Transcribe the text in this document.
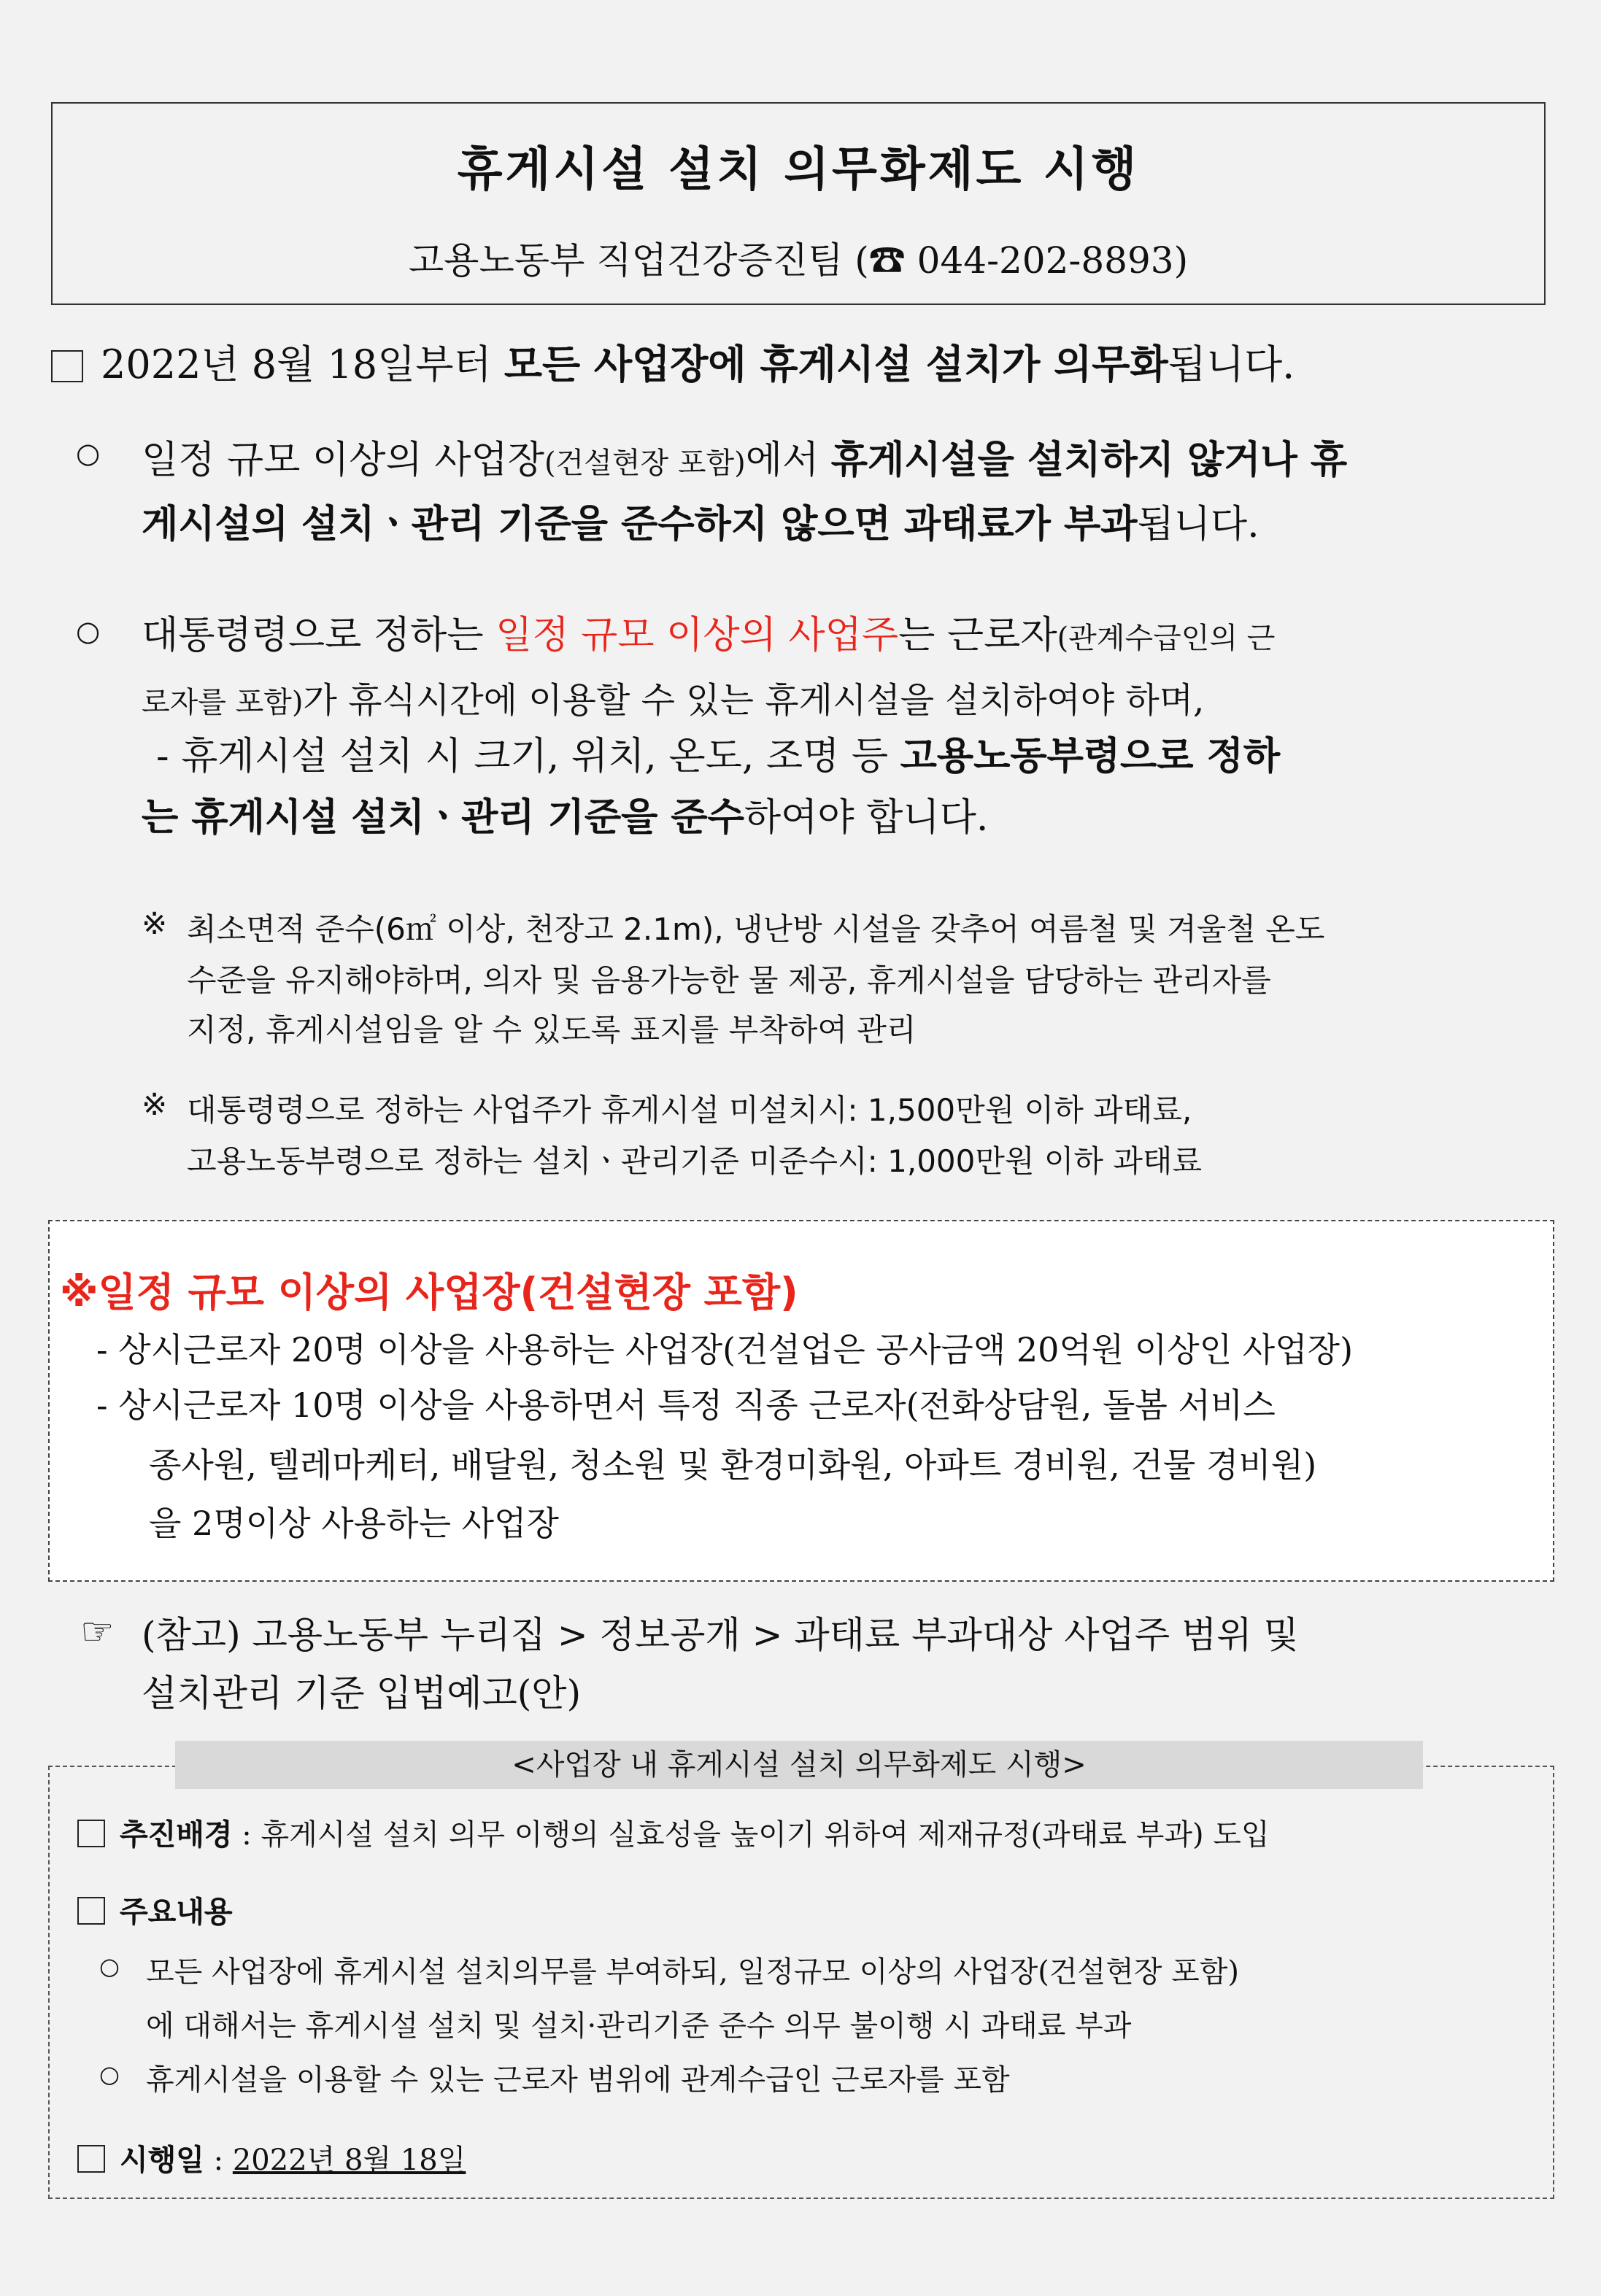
휴게시설 설치 의무화제도 시행
고용노동부 직업건강증진팀 (☎ 044-202-8893)
2022년 8월 18일부터 모든 사업장에 휴게시설 설치가 의무화됩니다.
○ 일정 규모 이상의 사업장(건설현장 포함)에서 휴게시설을 설치하지 않거나 휴
게시설의 설치ㆍ관리 기준을 준수하지 않으면 과태료가 부과됩니다.
○ 대통령령으로 정하는 일정 규모 이상의 사업주는 근로자(관계수급인의 근
로자를 포함)가 휴식시간에 이용할 수 있는 휴게시설을 설치하여야 하며,
- 휴게시설 설치 시 크기, 위치, 온도, 조명 등 고용노동부령으로 정하
는 휴게시설 설치ㆍ관리 기준을 준수하여야 합니다.
※ 최소면적 준수(6㎡ 이상, 천장고 2.1m), 냉난방 시설을 갖추어 여름철 및 겨울철 온도
수준을 유지해야하며, 의자 및 음용가능한 물 제공, 휴게시설을 담당하는 관리자를
지정, 휴게시설임을 알 수 있도록 표지를 부착하여 관리
※ 대통령령으로 정하는 사업주가 휴게시설 미설치시: 1,500만원 이하 과태료,
고용노동부령으로 정하는 설치ㆍ관리기준 미준수시: 1,000만원 이하 과태료
※일정 규모 이상의 사업장(건설현장 포함)
- 상시근로자 20명 이상을 사용하는 사업장(건설업은 공사금액 20억원 이상인 사업장)
- 상시근로자 10명 이상을 사용하면서 특정 직종 근로자(전화상담원, 돌봄 서비스
종사원, 텔레마케터, 배달원, 청소원 및 환경미화원, 아파트 경비원, 건물 경비원)
을 2명이상 사용하는 사업장
☞ (참고) 고용노동부 누리집 > 정보공개 > 과태료 부과대상 사업주 범위 및
설치관리 기준 입법예고(안)
<사업장 내 휴게시설 설치 의무화제도 시행>
추진배경 : 휴게시설 설치 의무 이행의 실효성을 높이기 위하여 제재규정(과태료 부과) 도입
주요내용
○ 모든 사업장에 휴게시설 설치의무를 부여하되, 일정규모 이상의 사업장(건설현장 포함)
에 대해서는 휴게시설 설치 및 설치·관리기준 준수 의무 불이행 시 과태료 부과
○ 휴게시설을 이용할 수 있는 근로자 범위에 관계수급인 근로자를 포함
시행일 : 2022년 8월 18일
